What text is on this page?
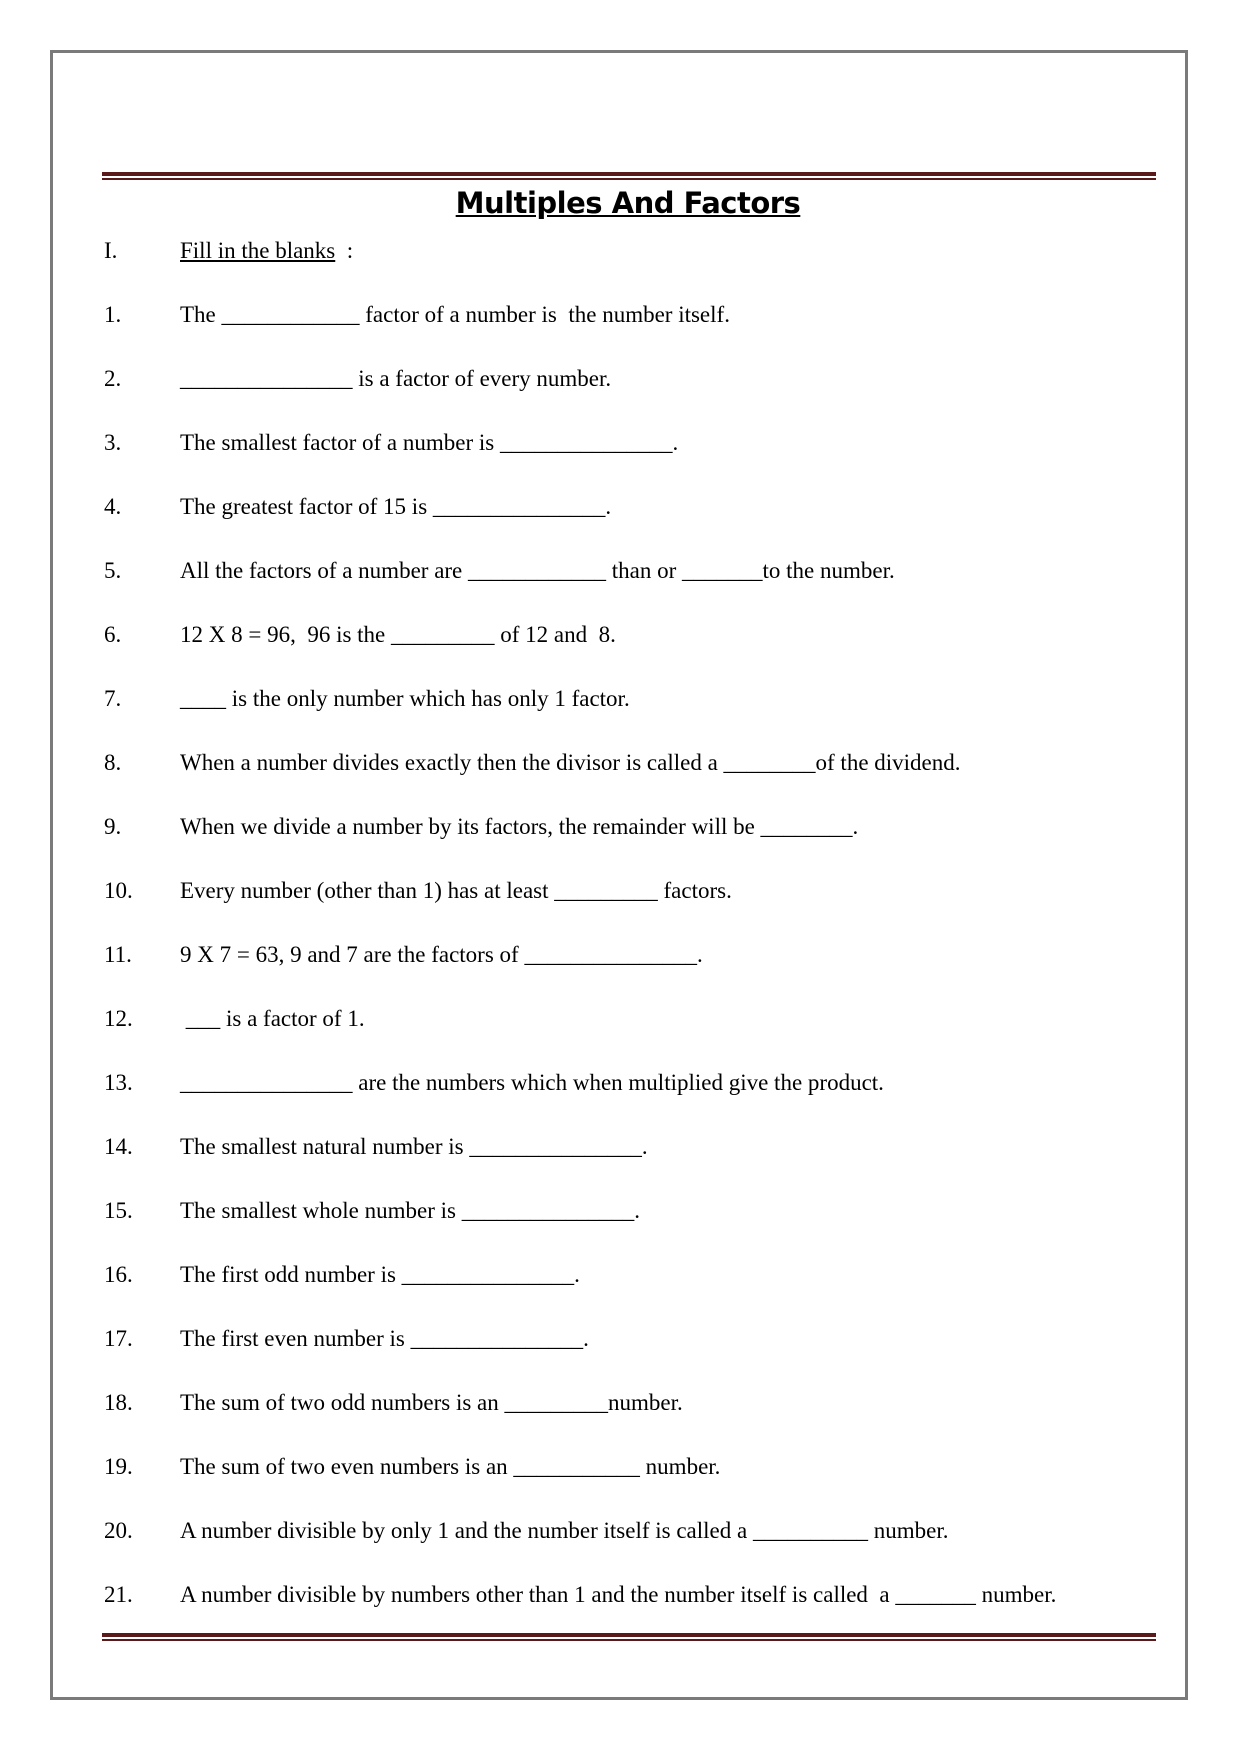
Multiples And Factors
I.	Fill in the blanks  :
1.	The ____________ factor of a number is  the number itself.
2.	_______________ is a factor of every number.
3.	The smallest factor of a number is _______________.
4.	The greatest factor of 15 is _______________.
5.	All the factors of a number are ____________ than or _______to the number.
6.	12 X 8 = 96,  96 is the _________ of 12 and  8.
7.	____ is the only number which has only 1 factor.
8.	When a number divides exactly then the divisor is called a ________of the dividend.
9.	When we divide a number by its factors, the remainder will be ________.
10. Every number (other than 1) has at least _________ factors.
11. 9 X 7 = 63, 9 and 7 are the factors of _______________.
12. ___ is a factor of 1.
13. _______________ are the numbers which when multiplied give the product.
14. The smallest natural number is _______________.
15. The smallest whole number is _______________.
16. The first odd number is _______________.
17. The first even number is _______________.
18. The sum of two odd numbers is an _________number.
19. The sum of two even numbers is an ___________ number.
20. A number divisible by only 1 and the number itself is called a __________ number.
21. A number divisible by numbers other than 1 and the number itself is called  a _______ number.
